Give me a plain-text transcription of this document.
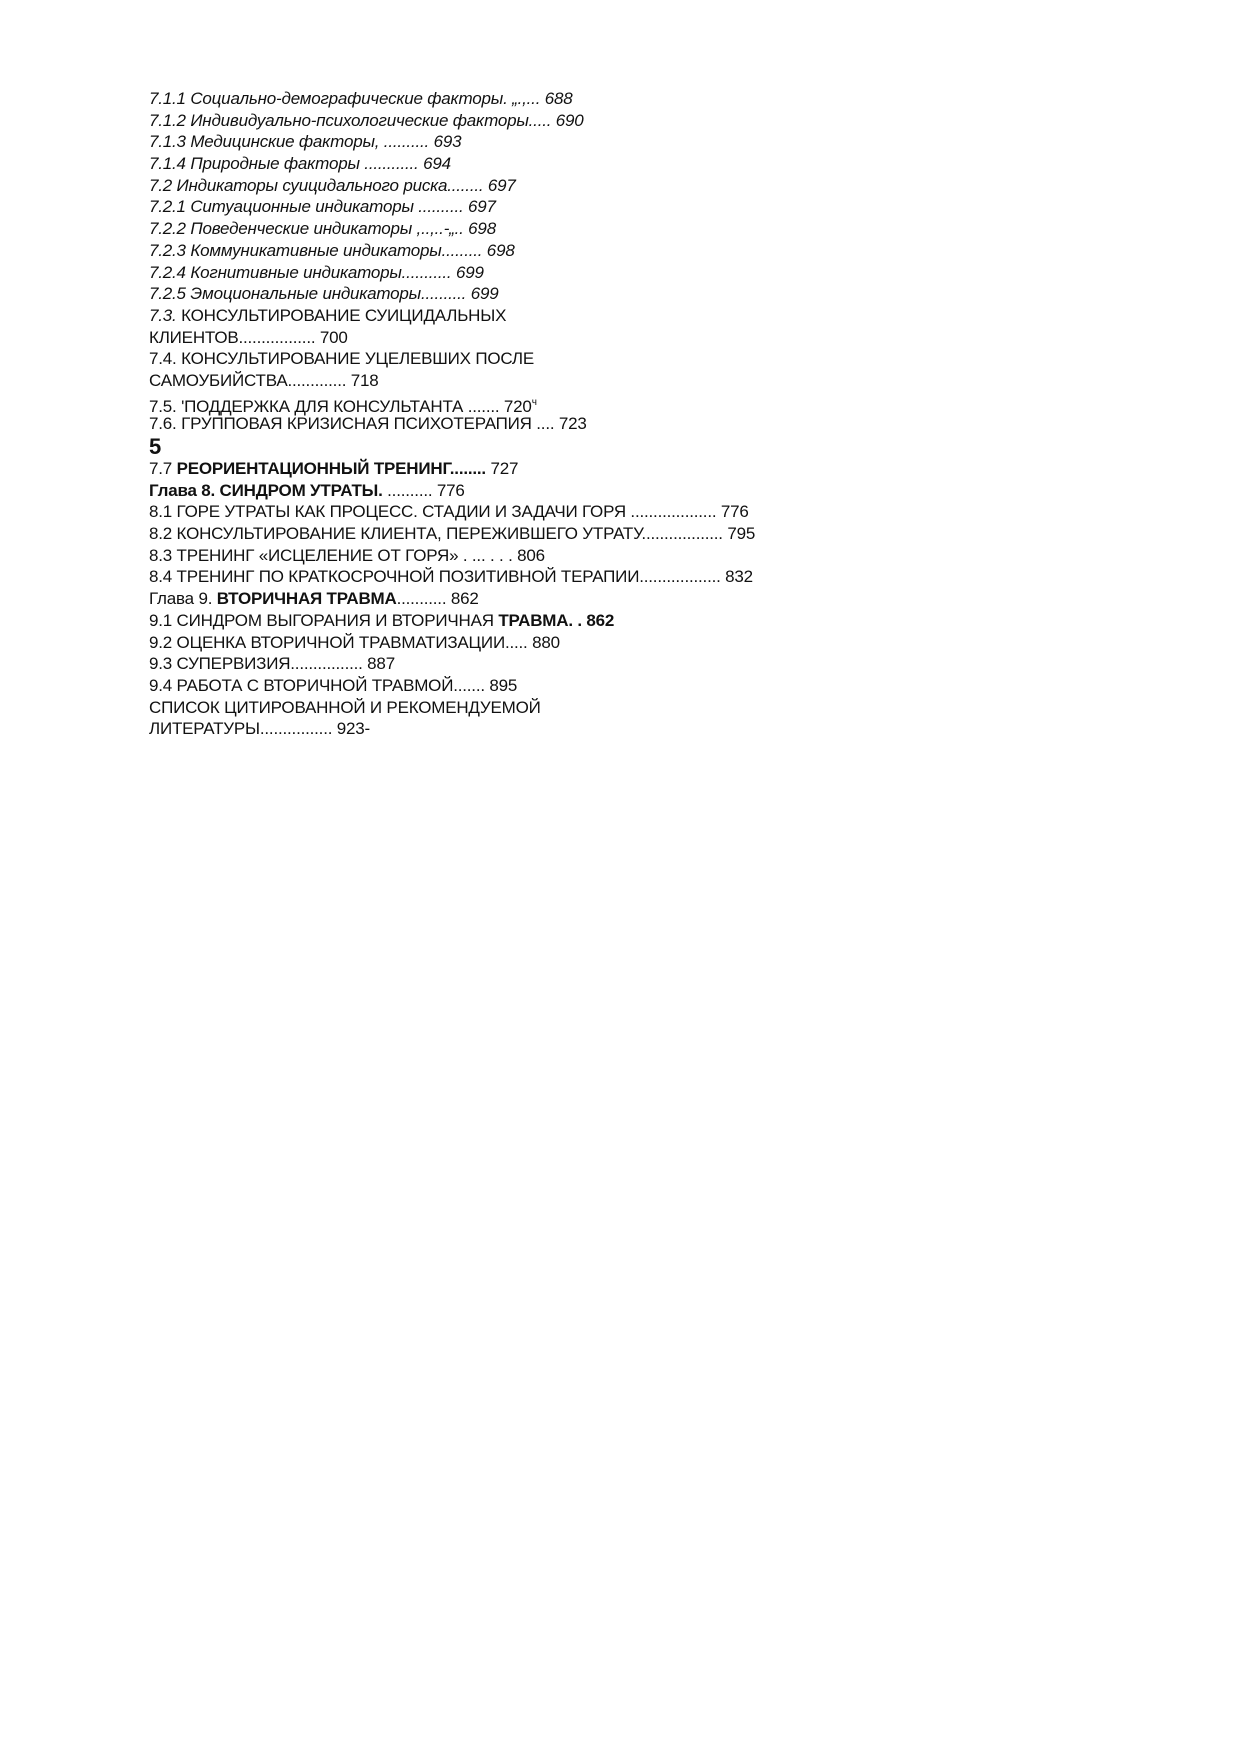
7.1.1 Социально-демографические факторы. „.,... 688
7.1.2 Индивидуально-психологические факторы..... 690
7.1.3 Медицинские факторы, .......... 693
7.1.4 Природные факторы ............ 694
7.2 Индикаторы суицидального риска........ 697
7.2.1 Ситуационные индикаторы .......... 697
7.2.2 Поведенческие индикаторы ,..,..-„.. 698
7.2.3 Коммуникативные индикаторы......... 698
7.2.4 Когнитивные индикаторы........... 699
7.2.5 Эмоциональные индикаторы.......... 699
7.3. КОНСУЛЬТИРОВАНИЕ СУИЦИДАЛЬНЫХ
КЛИЕНТОВ................. 700
7.4. КОНСУЛЬТИРОВАНИЕ УЦЕЛЕВШИХ ПОСЛЕ
САМОУБИЙСТВА............. 718
7.5. 'ПОДДЕРЖКА ДЛЯ КОНСУЛЬТАНТА ....... $720^ч$
7.6. ГРУППОВАЯ КРИЗИСНАЯ ПСИХОТЕРАПИЯ .... 723
5
7.7 РЕОРИЕНТАЦИОННЫЙ ТРЕНИНГ........ 727
Глава 8. СИНДРОМ УТРАТЫ. .......... 776
8.1 ГОРЕ УТРАТЫ КАК ПРОЦЕСС. СТАДИИ И ЗАДАЧИ ГОРЯ ................... 776
8.2 КОНСУЛЬТИРОВАНИЕ КЛИЕНТА, ПЕРЕЖИВШЕГО УТРАТУ.................. 795
8.3 ТРЕНИНГ «ИСЦЕЛЕНИЕ ОТ ГОРЯ» . ... . . . 806
8.4 ТРЕНИНГ ПО КРАТКОСРОЧНОЙ ПОЗИТИВНОЙ ТЕРАПИИ.................. 832
Глава 9. ВТОРИЧНАЯ ТРАВМА........... 862
9.1 СИНДРОМ ВЫГОРАНИЯ И ВТОРИЧНАЯ ТРАВМА. . 862
9.2 ОЦЕНКА ВТОРИЧНОЙ ТРАВМАТИЗАЦИИ..... 880
9.3 СУПЕРВИЗИЯ................ 887
9.4 РАБОТА С ВТОРИЧНОЙ ТРАВМОЙ....... 895
СПИСОК ЦИТИРОВАННОЙ И РЕКОМЕНДУЕМОЙ
ЛИТЕРАТУРЫ................ 923-
